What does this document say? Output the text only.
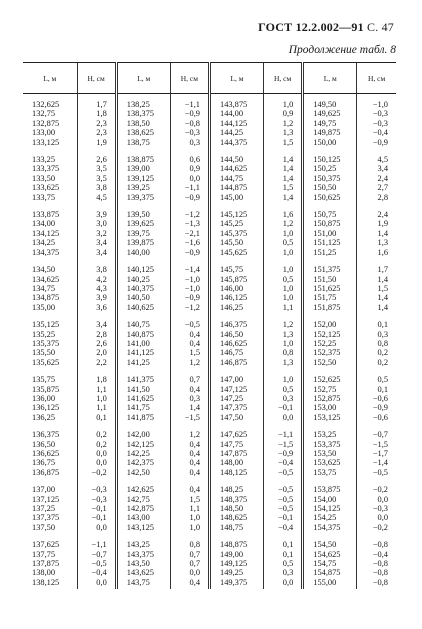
ГОСТ 12.2.002—91 С. 47
Продолжение табл. 8
L, м	H, см	L, м	H, см	L, м	H, см	L, м	H, см
132,625	1,7	138,25	−1,1	143,875	1,0	149,50	−1,0
132,75	1,8	138,375	−0,9	144,00	0,9	149,625	−0,3
132,875	2,3	138,50	−0,8	144,125	1,2	149,75	−0,3
133,00	2,3	138,625	−0,3	144,25	1,3	149,875	−0,4
133,125	1,9	138,75	0,3	144,375	1,5	150,00	−0,9
133,25	2,6	138,875	0,6	144,50	1,4	150,125	4,5
133,375	3,5	139,00	0,9	144,625	1,4	150,25	3,4
133,50	3,5	139,125	0,0	144,75	1,4	150,375	2,4
133,625	3,8	139,25	−1,1	144,875	1,5	150,50	2,7
133,75	4,5	139,375	−0,9	145,00	1,4	150,625	2,8
133,875	3,9	139,50	−1,2	145,125	1,6	150,75	2,4
134,00	3,0	139,625	−1,3	145,25	1,2	150,875	1,9
134,125	3,2	139,75	−2,1	145,375	1,0	151,00	1,4
134,25	3,4	139,875	−1,6	145,50	0,5	151,125	1,3
134,375	3,4	140,00	−0,9	145,625	1,0	151,25	1,6
134,50	3,8	140,125	−1,4	145,75	1,0	151,375	1,7
134,625	4,2	140,25	−1,0	145,875	0,5	151,50	1,4
134,75	4,3	140,375	−1,0	146,00	1,0	151,625	1,5
134,875	3,9	140,50	−0,9	146,125	1,0	151,75	1,4
135,00	3,6	140,625	−1,2	146,25	1,1	151,875	1,4
135,125	3,4	140,75	−0,5	146,375	1,2	152,00	0,1
135,25	2,8	140,875	0,4	146,50	1,3	152,125	0,3
135,375	2,6	141,00	0,4	146,625	1,0	152,25	0,8
135,50	2,0	141,125	1,5	146,75	0,8	152,375	0,2
135,625	2,2	141,25	1,2	146,875	1,3	152,50	0,2
135,75	1,8	141,375	0,7	147,00	1,0	152,625	0,5
135,875	1,1	141,50	0,4	147,125	0,5	152,75	0,1
136,00	1,0	141,625	0,3	147,25	0,3	152,875	−0,6
136,125	1,1	141,75	1,4	147,375	−0,1	153,00	−0,9
136,25	0,1	141,875	−1,5	147,50	0,0	153,125	−0,6
136,375	0,2	142,00	1,2	147,625	−1,1	153,25	−0,7
136,50	0,2	142,125	0,4	147,75	−1,5	153,375	−1,5
136,625	0,0	142,25	0,4	147,875	−0,9	153,50	−1,7
136,75	0,0	142,375	0,4	148,00	−0,4	153,625	−1,4
136,875	−0,2	142,50	0,4	148,125	−0,5	153,75	−0,5
137,00	−0,3	142,625	0,4	148,25	−0,5	153,875	−0,2
137,125	−0,3	142,75	1,5	148,375	−0,5	154,00	0,0
137,25	−0,1	142,875	1,1	148,50	−0,5	154,125	−0,3
137,375	−0,1	143,00	1,0	148,625	−0,1	154,25	0,0
137,50	0,0	143,125	1,0	148,75	−0,4	154,375	−0,2
137,625	−1,1	143,25	0,8	148,875	0,1	154,50	−0,8
137,75	−0,7	143,375	0,7	149,00	0,1	154,625	−0,4
137,875	−0,5	143,50	0,7	149,125	0,5	154,75	−0,8
138,00	−0,4	143,625	0,0	149,25	0,3	154,875	−0,8
138,125	0,0	143,75	0,4	149,375	0,0	155,00	−0,8
